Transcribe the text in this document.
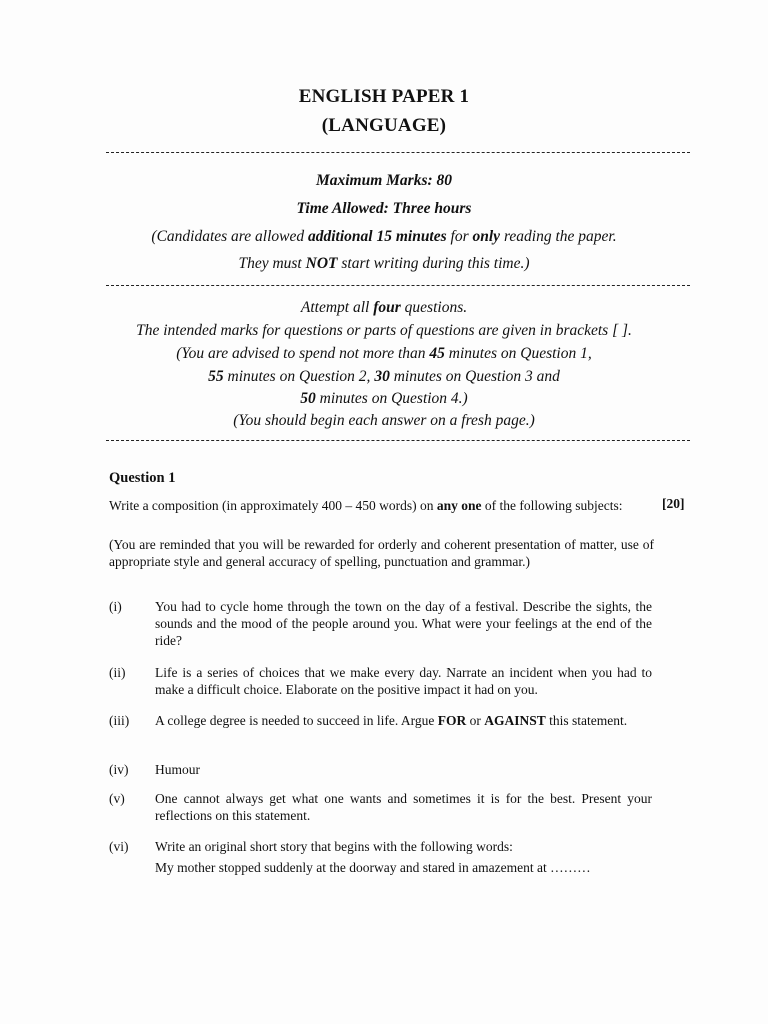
ENGLISH PAPER 1
(LANGUAGE)
Maximum Marks: 80
Time Allowed: Three hours
(Candidates are allowed additional 15 minutes for only reading the paper.
They must NOT start writing during this time.)
Attempt all four questions.
The intended marks for questions or parts of questions are given in brackets [ ].
(You are advised to spend not more than 45 minutes on Question 1,
55 minutes on Question 2, 30 minutes on Question 3 and
50 minutes on Question 4.)
(You should begin each answer on a fresh page.)
Question 1
Write a composition (in approximately 400 – 450 words) on any one of the following subjects:	[20]
(You are reminded that you will be rewarded for orderly and coherent presentation of matter, use of appropriate style and general accuracy of spelling, punctuation and grammar.)
(i) You had to cycle home through the town on the day of a festival. Describe the sights, the sounds and the mood of the people around you. What were your feelings at the end of the ride?
(ii) Life is a series of choices that we make every day. Narrate an incident when you had to make a difficult choice. Elaborate on the positive impact it had on you.
(iii) A college degree is needed to succeed in life. Argue FOR or AGAINST this statement.
(iv) Humour
(v) One cannot always get what one wants and sometimes it is for the best. Present your reflections on this statement.
(vi) Write an original short story that begins with the following words:
My mother stopped suddenly at the doorway and stared in amazement at ………
